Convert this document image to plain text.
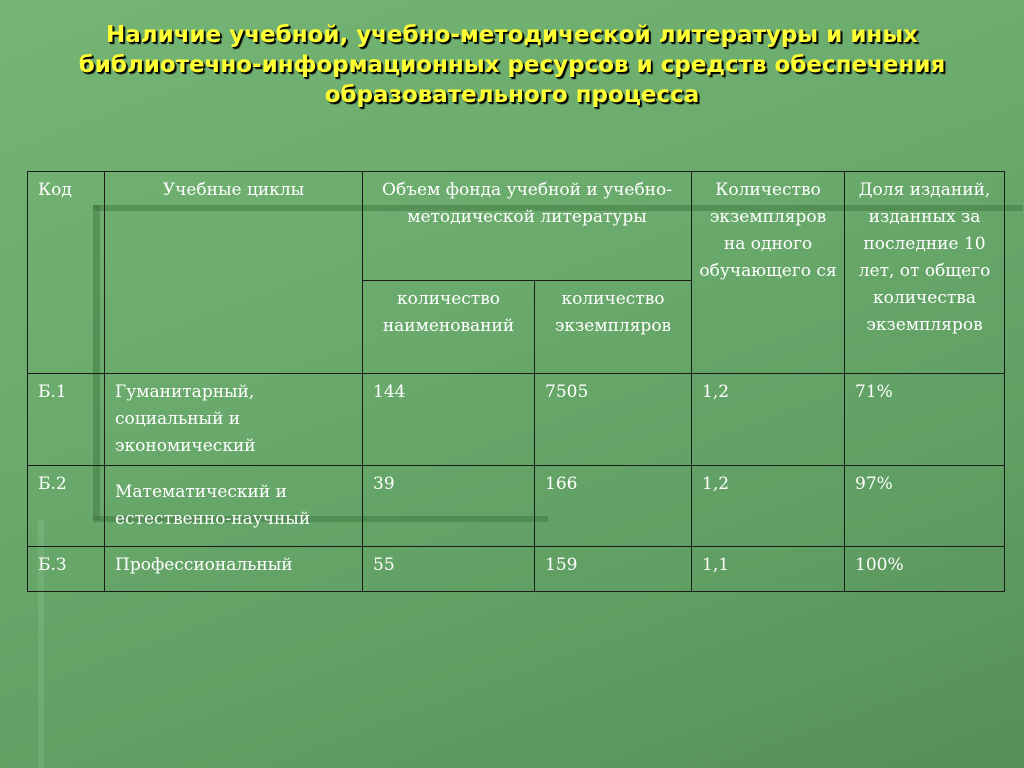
Наличие учебной, учебно-методической литературы и иных
библиотечно-информационных ресурсов и средств обеспечения
образовательного процесса
Код	Учебные циклы	Объем фонда учебной и учебно-методической литературы		Количество экземпляров на одного обучающего ся	Доля изданий, изданных за последние 10 лет, от общего количества экземпляров
		количество наименований	количество экземпляров		
Б.1	Гуманитарный, социальный и экономический	144	7505	1,2	71%
Б.2	Математический и естественно-научный	39	166	1,2	97%
Б.З	Профессиональный	55	159	1,1	100%
